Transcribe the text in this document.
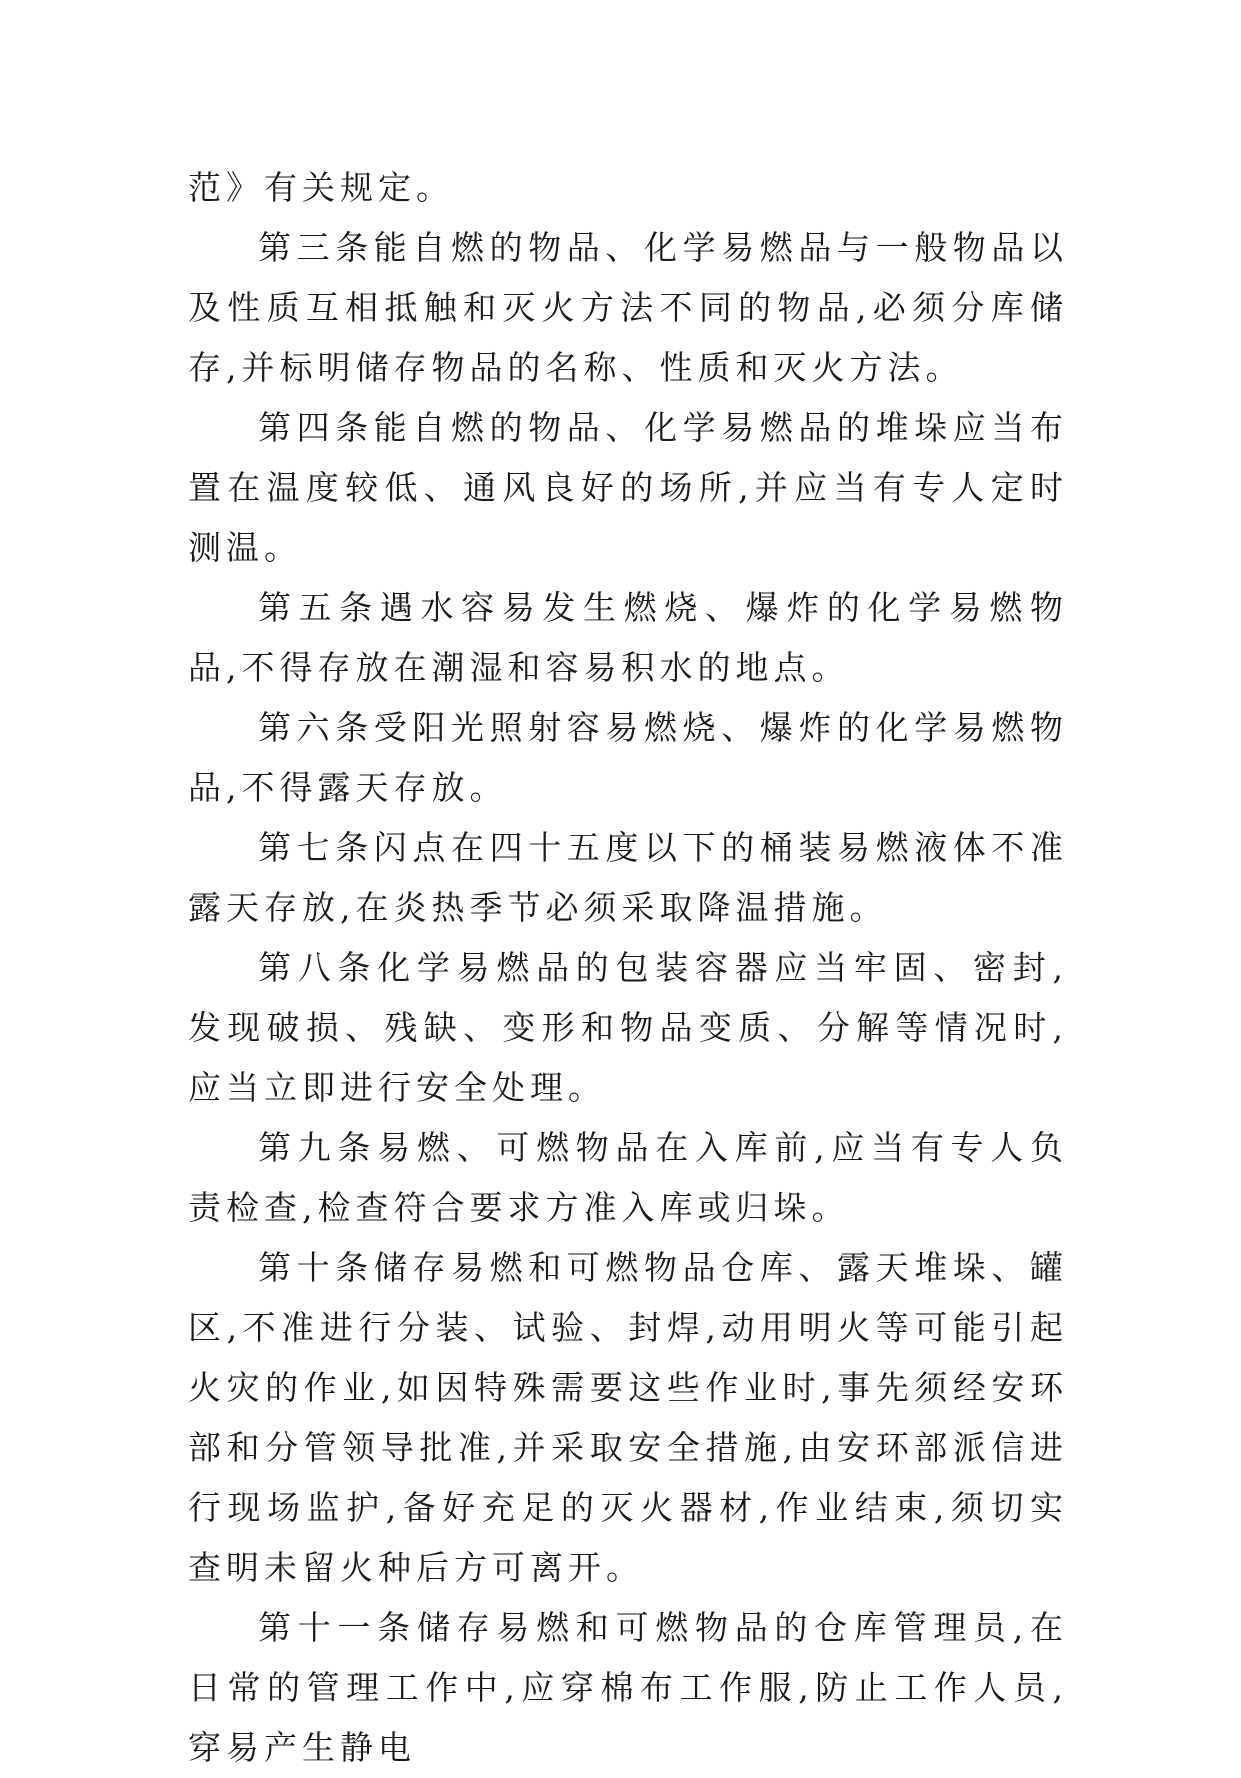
范》有关规定。

第三条能自燃的物品、化学易燃品与一般物品以及性质互相抵触和灭火方法不同的物品,必须分库储存,并标明储存物品的名称、性质和灭火方法。

第四条能自燃的物品、化学易燃品的堆垛应当布置在温度较低、通风良好的场所,并应当有专人定时测温。

第五条遇水容易发生燃烧、爆炸的化学易燃物品,不得存放在潮湿和容易积水的地点。

第六条受阳光照射容易燃烧、爆炸的化学易燃物品,不得露天存放。

第七条闪点在四十五度以下的桶装易燃液体不准露天存放,在炎热季节必须采取降温措施。

第八条化学易燃品的包装容器应当牢固、密封,发现破损、残缺、变形和物品变质、分解等情况时,应当立即进行安全处理。

第九条易燃、可燃物品在入库前,应当有专人负责检查,检查符合要求方准入库或归垛。

第十条储存易燃和可燃物品仓库、露天堆垛、罐区,不准进行分装、试验、封焊,动用明火等可能引起火灾的作业,如因特殊需要这些作业时,事先须经安环部和分管领导批准,并采取安全措施,由安环部派信进行现场监护,备好充足的灭火器材,作业结束,须切实查明未留火种后方可离开。

第十一条储存易燃和可燃物品的仓库管理员,在日常的管理工作中,应穿棉布工作服,防止工作人员,穿易产生静电
